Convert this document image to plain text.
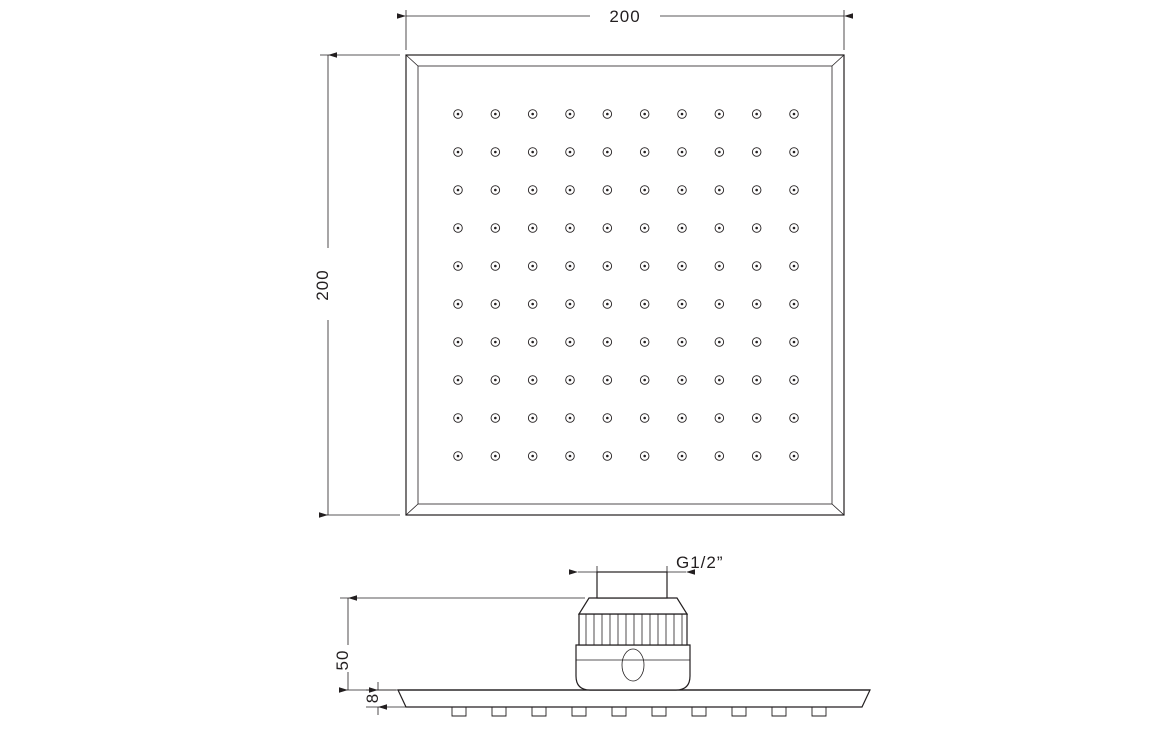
200
200
G1/2”
50
8
